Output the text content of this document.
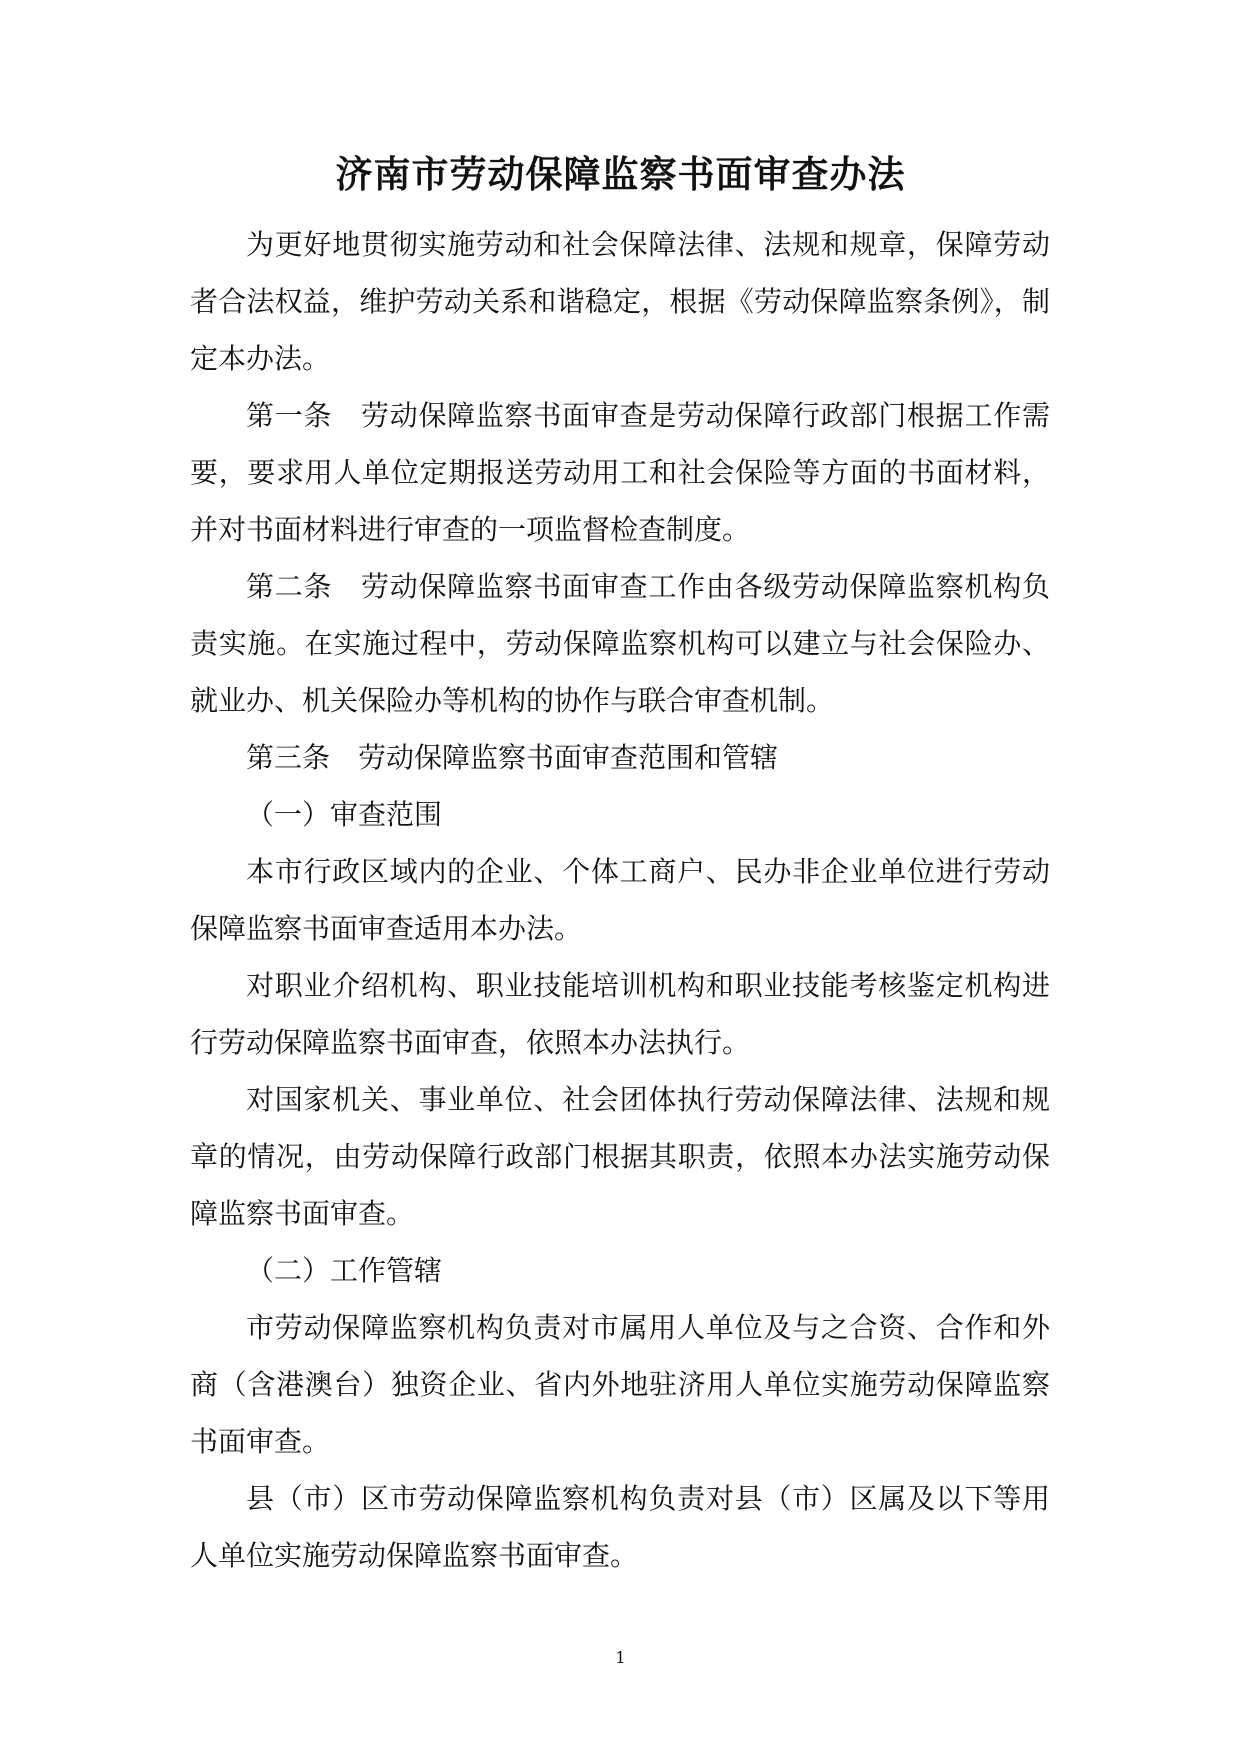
济南市劳动保障监察书面审查办法

为更好地贯彻实施劳动和社会保障法律、法规和规章，保障劳动者合法权益，维护劳动关系和谐稳定，根据《劳动保障监察条例》，制定本办法。

第一条　劳动保障监察书面审查是劳动保障行政部门根据工作需要，要求用人单位定期报送劳动用工和社会保险等方面的书面材料，并对书面材料进行审查的一项监督检查制度。

第二条　劳动保障监察书面审查工作由各级劳动保障监察机构负责实施。在实施过程中，劳动保障监察机构可以建立与社会保险办、就业办、机关保险办等机构的协作与联合审查机制。

第三条　劳动保障监察书面审查范围和管辖

（一）审查范围

本市行政区域内的企业、个体工商户、民办非企业单位进行劳动保障监察书面审查适用本办法。

对职业介绍机构、职业技能培训机构和职业技能考核鉴定机构进行劳动保障监察书面审查，依照本办法执行。

对国家机关、事业单位、社会团体执行劳动保障法律、法规和规章的情况，由劳动保障行政部门根据其职责，依照本办法实施劳动保障监察书面审查。

（二）工作管辖

市劳动保障监察机构负责对市属用人单位及与之合资、合作和外商（含港澳台）独资企业、省内外地驻济用人单位实施劳动保障监察书面审查。

县（市）区市劳动保障监察机构负责对县（市）区属及以下等用人单位实施劳动保障监察书面审查。

1
